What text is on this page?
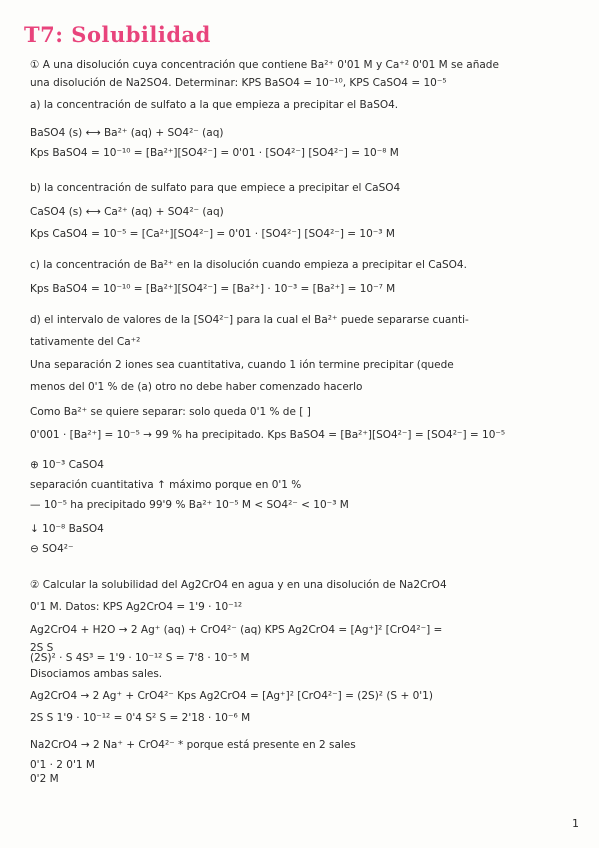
T7: Solubilidad
① A una disolución cuya concentración que contiene Ba²⁺ 0'01 M y Ca⁺² 0'01 M se añade
una disolución de Na2SO4. Determinar: KPS BaSO4 = 10⁻¹⁰, KPS CaSO4 = 10⁻⁵
a) la concentración de sulfato a la que empieza a precipitar el BaSO4.
BaSO4 (s) ⟷ Ba²⁺ (aq) + SO4²⁻ (aq)
Kps BaSO4 = 10⁻¹⁰ = [Ba²⁺][SO4²⁻] = 0'01 · [SO4²⁻] [SO4²⁻] = 10⁻⁸ M
b) la concentración de sulfato para que empiece a precipitar el CaSO4
CaSO4 (s) ⟷ Ca²⁺ (aq) + SO4²⁻ (aq)
Kps CaSO4 = 10⁻⁵ = [Ca²⁺][SO4²⁻] = 0'01 · [SO4²⁻] [SO4²⁻] = 10⁻³ M
c) la concentración de Ba²⁺ en la disolución cuando empieza a precipitar el CaSO4.
Kps BaSO4 = 10⁻¹⁰ = [Ba²⁺][SO4²⁻] = [Ba²⁺] · 10⁻³ = [Ba²⁺] = 10⁻⁷ M
d) el intervalo de valores de la [SO4²⁻] para la cual el Ba²⁺ puede separarse cuanti-
tativamente del Ca⁺²
Una separación 2 iones sea cuantitativa, cuando 1 ión termine precipitar (quede
menos del 0'1 % de (a) otro no debe haber comenzado hacerlo
Como Ba²⁺ se quiere separar: solo queda 0'1 % de [ ]
0'001 · [Ba²⁺] = 10⁻⁵ → 99 % ha precipitado. Kps BaSO4 = [Ba²⁺][SO4²⁻] = [SO4²⁻] = 10⁻⁵
⊕ 10⁻³ CaSO4
separación cuantitativa ↑ máximo porque en 0'1 %
— 10⁻⁵ ha precipitado 99'9 % Ba²⁺ 10⁻⁵ M < SO4²⁻ < 10⁻³ M
↓ 10⁻⁸ BaSO4
⊖ SO4²⁻
② Calcular la solubilidad del Ag2CrO4 en agua y en una disolución de Na2CrO4
0'1 M. Datos: KPS Ag2CrO4 = 1'9 · 10⁻¹²
Ag2CrO4 + H2O → 2 Ag⁺ (aq) + CrO4²⁻ (aq) KPS Ag2CrO4 = [Ag⁺]² [CrO4²⁻] =
2S S
(2S)² · S 4S³ = 1'9 · 10⁻¹² S = 7'8 · 10⁻⁵ M
Disociamos ambas sales.
Ag2CrO4 → 2 Ag⁺ + CrO4²⁻ Kps Ag2CrO4 = [Ag⁺]² [CrO4²⁻] = (2S)² (S + 0'1)
2S S 1'9 · 10⁻¹² = 0'4 S² S = 2'18 · 10⁻⁶ M
Na2CrO4 → 2 Na⁺ + CrO4²⁻ * porque está presente en 2 sales
0'1 · 2 0'1 M
0'2 M
1
